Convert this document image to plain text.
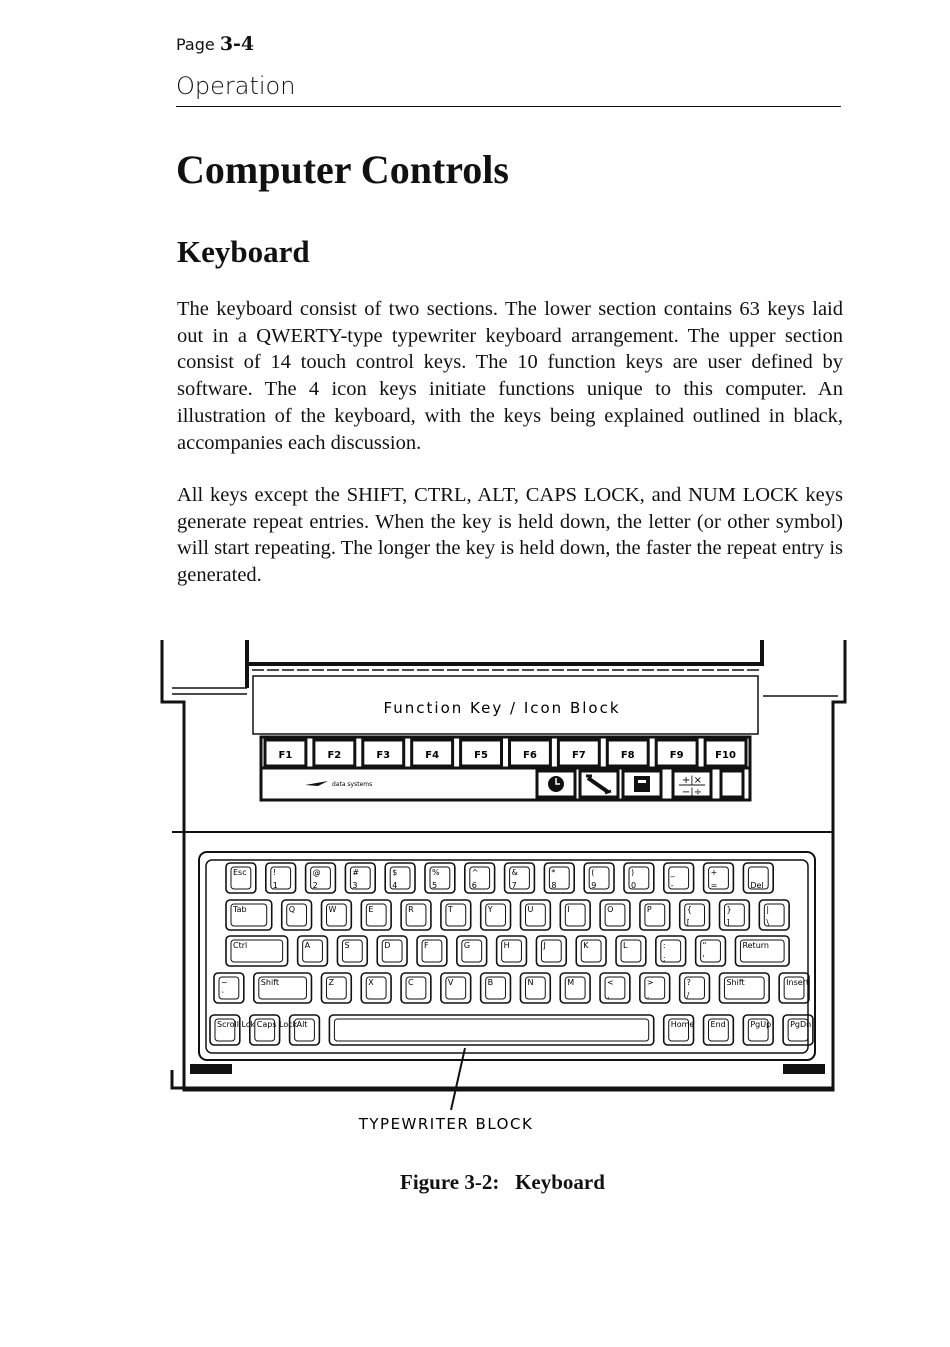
Page 3-4
Operation
Computer Controls
Keyboard

The keyboard consist of two sections. The lower section contains 63 keys laid out in a QWERTY-type typewriter keyboard arrangement. The upper section consist of 14 touch control keys. The 10 function keys are user defined by software. The 4 icon keys initiate functions unique to this computer. An illustration of the keyboard, with the keys being explained outlined in black, accompanies each discussion.

All keys except the SHIFT, CTRL, ALT, CAPS LOCK, and NUM LOCK keys generate repeat entries. When the key is held down, the letter (or other symbol) will start repeating. The longer the key is held down, the faster the repeat entry is generated.

Function Key / Icon Block
F1	F2	F3	F4	F5	F6	F7	F8	F9	F10
data systems	+|×
−|÷
Esc	!
1
@
2
#
3
$
4
%
5
^
6
&
7
*
8
(
9
)
0
_
-
+
=	Del
Tab	Q	W	E	R	T	Y	U	I	O	P	{
[
}
]
|
\
Ctrl	A	S	D	F	G	H	J	K	L	:
;
"
'
Return
~
`
Shift	Z	X	C	V	B	N	M	<
,
>
.
?
/
Shift	Insert
Scroll Lck Caps Lock Alt	Home End	PgUp PgDn
TYPEWRITER BLOCK
Figure 3-2: Keyboard
